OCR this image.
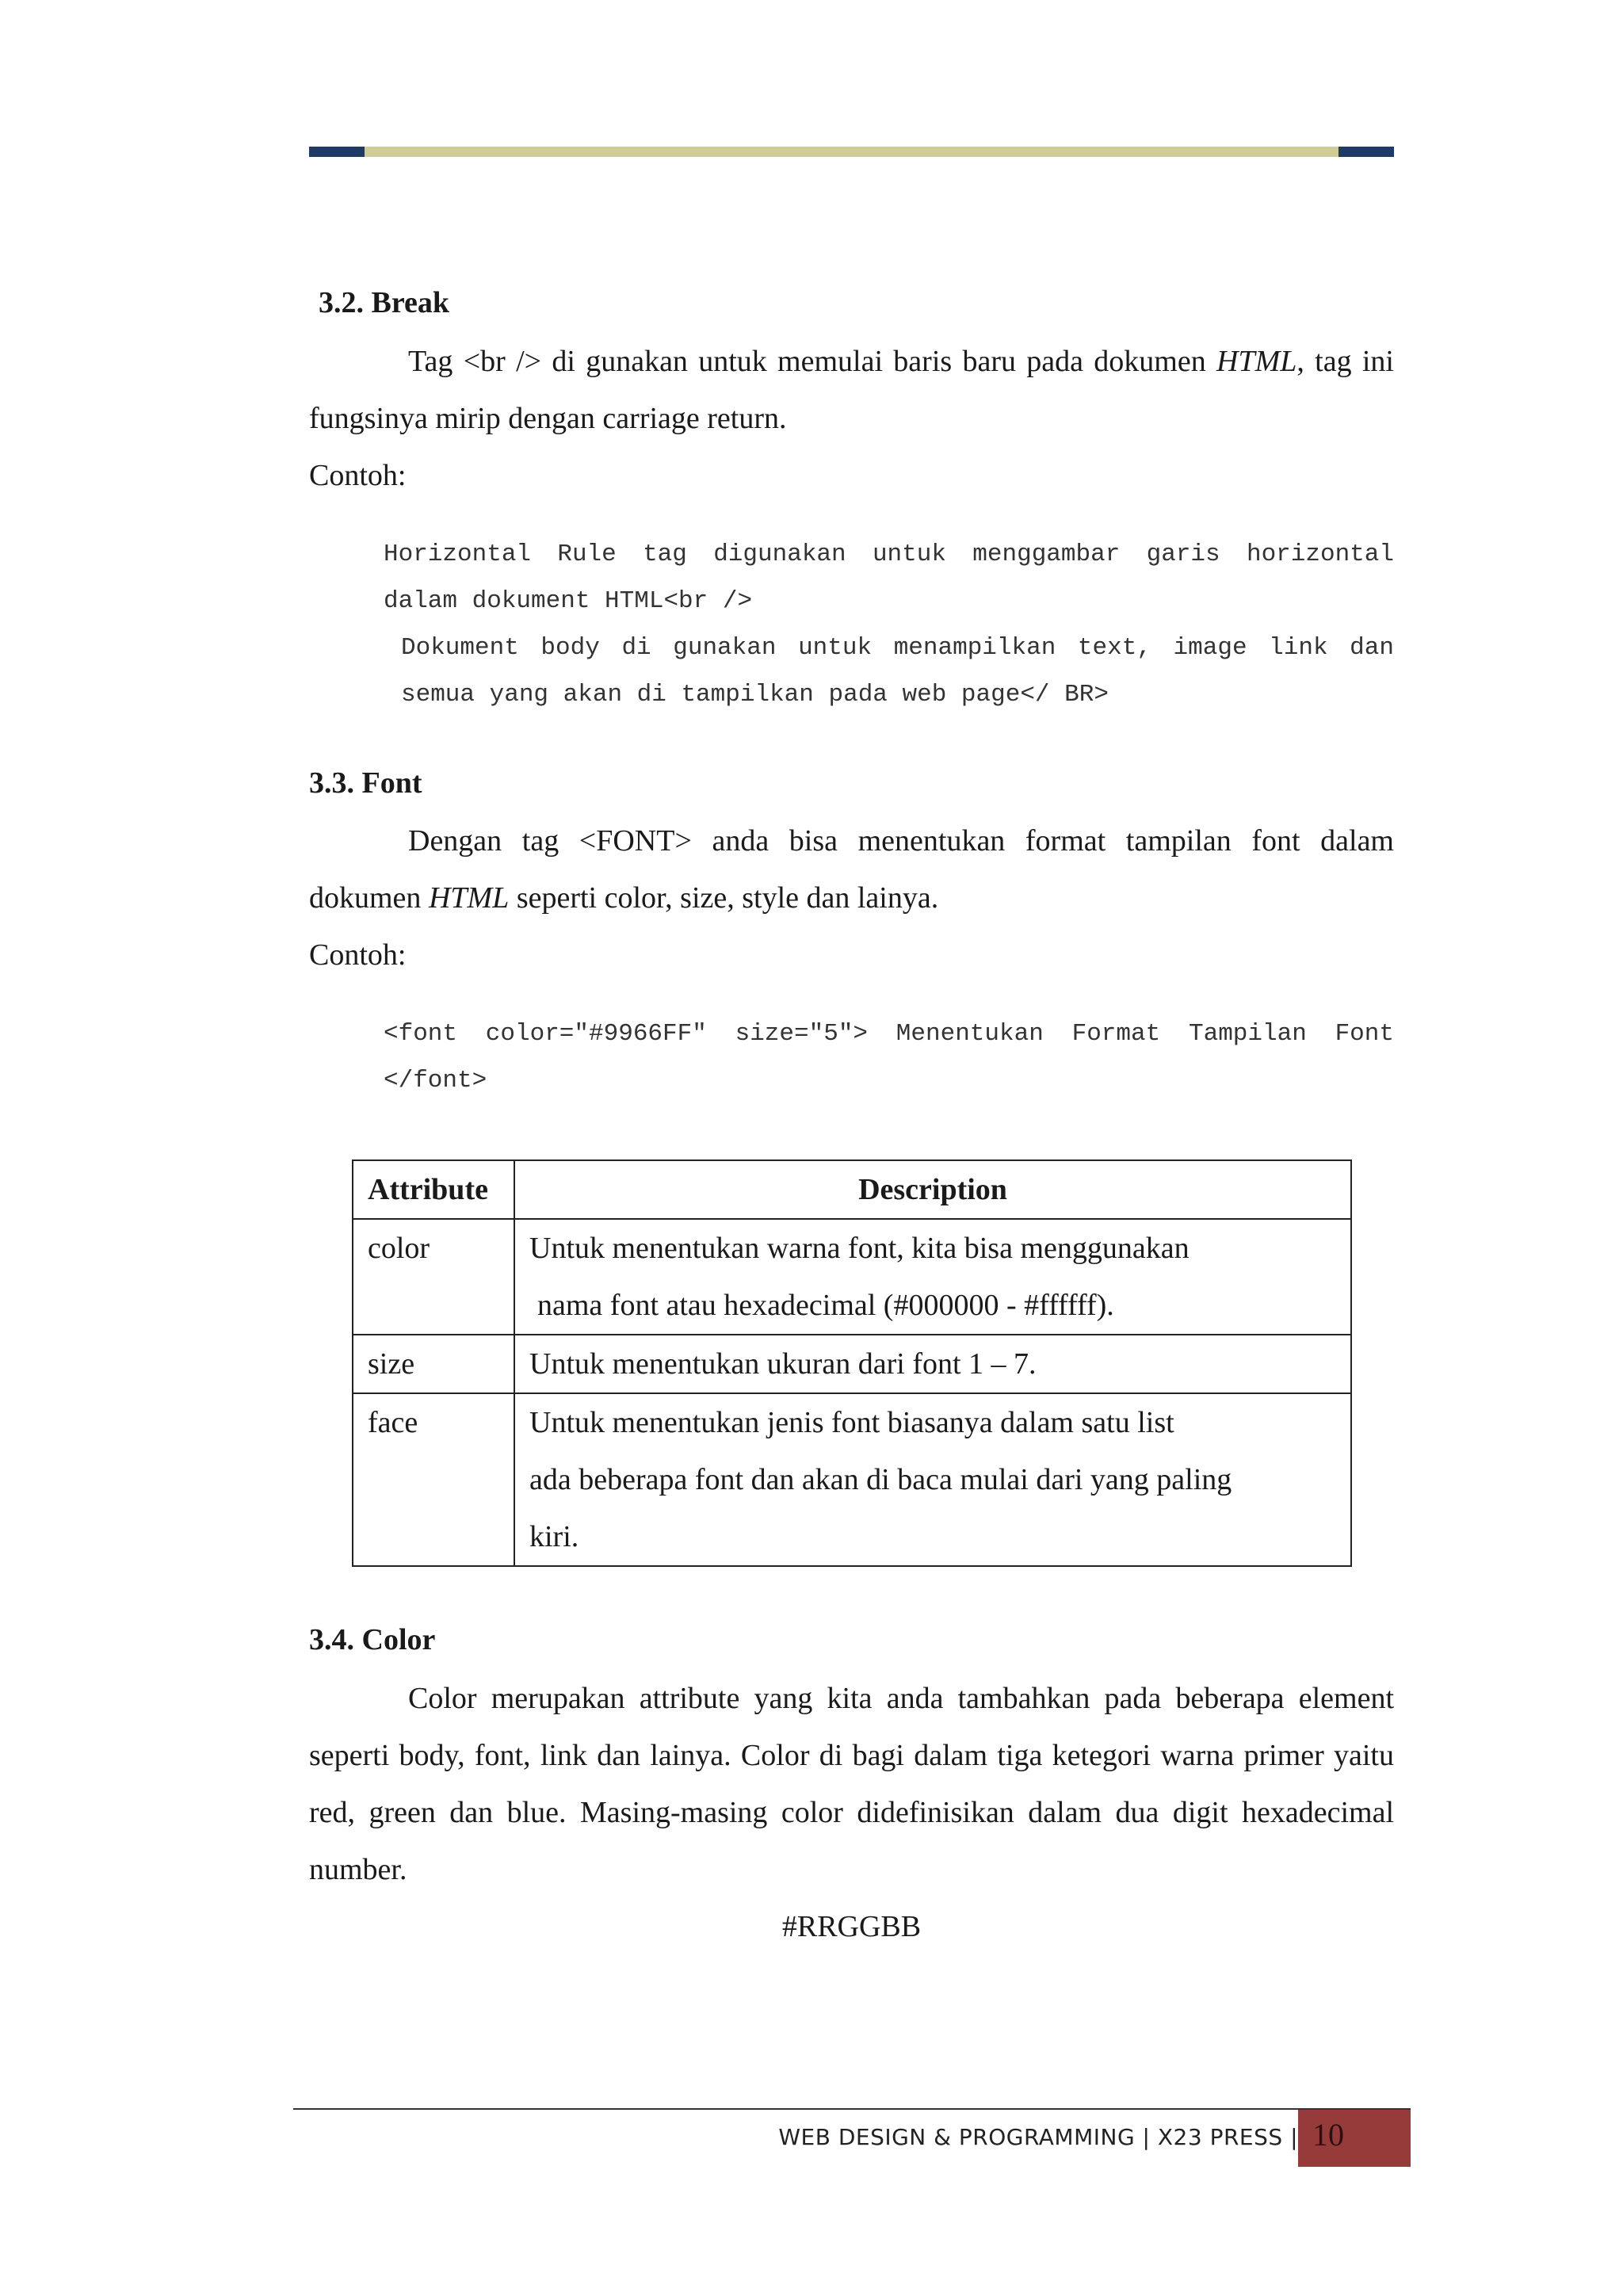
3.2. Break

Tag <br /> di gunakan untuk memulai baris baru pada dokumen HTML, tag ini fungsinya mirip dengan carriage return.

Contoh:

Horizontal Rule tag digunakan untuk menggambar garis horizontal dalam dokument HTML<br />

Dokument body di gunakan untuk menampilkan text, image link dan semua yang akan di tampilkan pada web page</ BR>

3.3. Font

Dengan tag <FONT> anda bisa menentukan format tampilan font dalam dokumen HTML seperti color, size, style dan lainya.

Contoh:

<font color="#9966FF" size="5"> Menentukan Format Tampilan Font </font>

Attribute	Description
color	Untuk menentukan warna font, kita bisa menggunakan
nama font atau hexadecimal (#000000 - #ffffff).

size	Untuk menentukan ukuran dari font 1 – 7.

face	Untuk menentukan jenis font biasanya dalam satu list
ada beberapa font dan akan di baca mulai dari yang paling
kiri.
3.4. Color

Color merupakan attribute yang kita anda tambahkan pada beberapa element seperti body, font, link dan lainya. Color di bagi dalam tiga ketegori warna primer yaitu red, green dan blue. Masing-masing color didefinisikan dalam dua digit hexadecimal number.

#RRGGBB

WEB DESIGN & PROGRAMMING | X23 PRESS | 10
